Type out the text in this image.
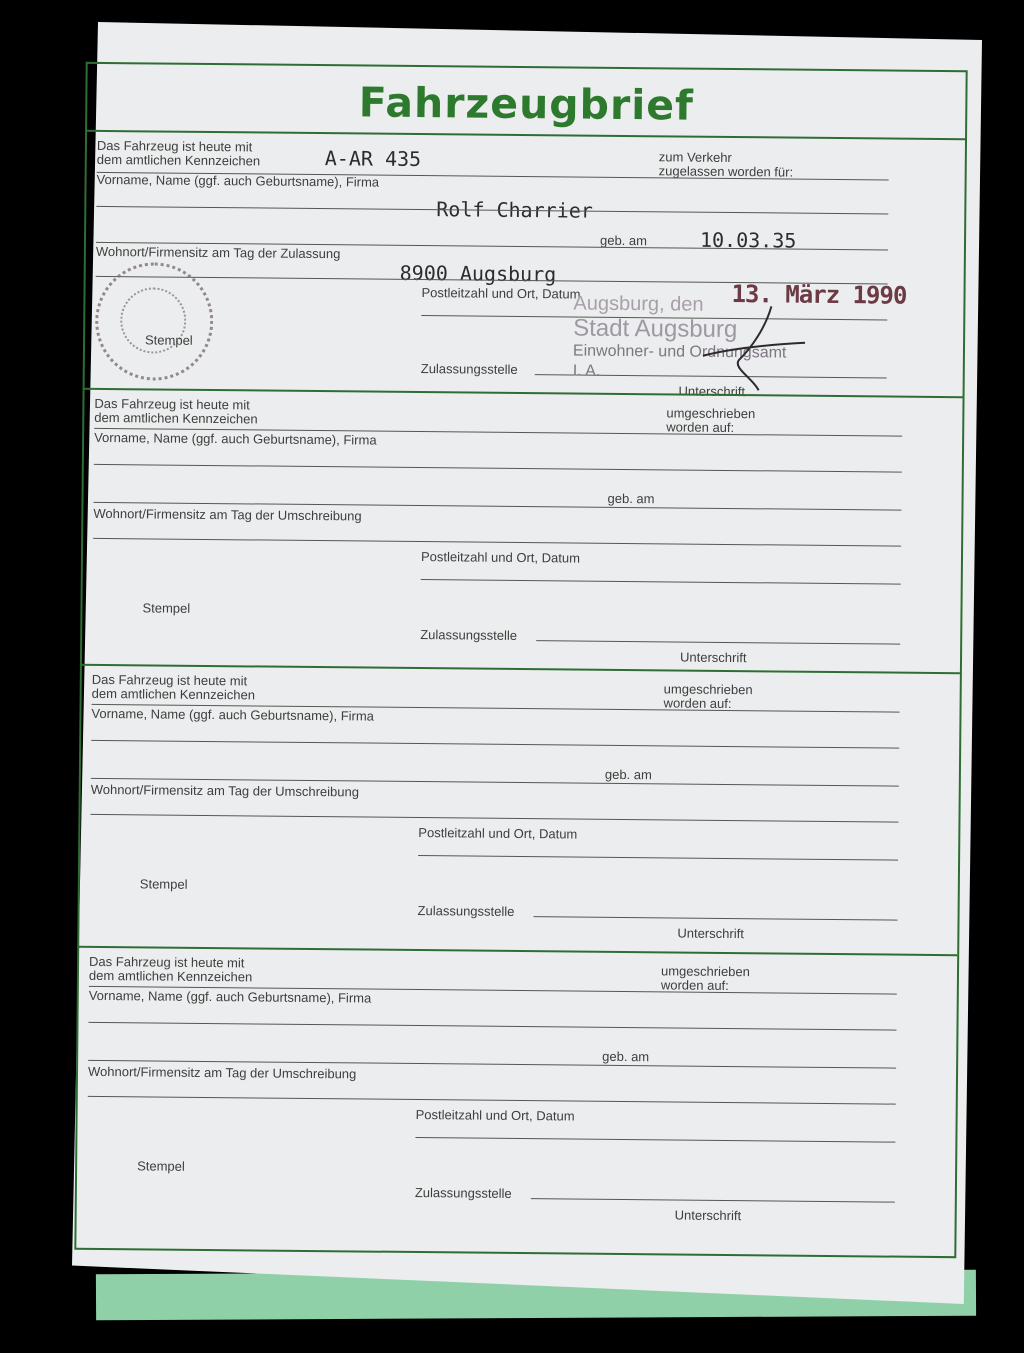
Fahrzeugbrief
Das Fahrzeug ist heute mit
dem amtlichen Kennzeichen	A-AR 435	zum Verkehr
zugelassen worden für:
Vorname, Name (ggf. auch Geburtsname), Firma
Rolf Charrier
geb. am	10.03.35
Wohnort/Firmensitz am Tag der Zulassung
8900 Augsburg
Postleitzahl und Ort, Datum
Stempel
Zulassungsstelle
Unterschrift
Augsburg, den 13. März 1990
Stadt Augsburg
Einwohner- und Ordnungsamt
I. A.
Das Fahrzeug ist heute mit
dem amtlichen Kennzeichen	umgeschrieben
worden auf:
Vorname, Name (ggf. auch Geburtsname), Firma
geb. am
Wohnort/Firmensitz am Tag der Umschreibung
Postleitzahl und Ort, Datum
Stempel
Zulassungsstelle
Unterschrift
Das Fahrzeug ist heute mit
dem amtlichen Kennzeichen	umgeschrieben
worden auf:
Vorname, Name (ggf. auch Geburtsname), Firma
geb. am
Wohnort/Firmensitz am Tag der Umschreibung
Postleitzahl und Ort, Datum
Stempel
Zulassungsstelle
Unterschrift
Das Fahrzeug ist heute mit
dem amtlichen Kennzeichen	umgeschrieben
worden auf:
Vorname, Name (ggf. auch Geburtsname), Firma
geb. am
Wohnort/Firmensitz am Tag der Umschreibung
Postleitzahl und Ort, Datum
Stempel
Zulassungsstelle
Unterschrift
